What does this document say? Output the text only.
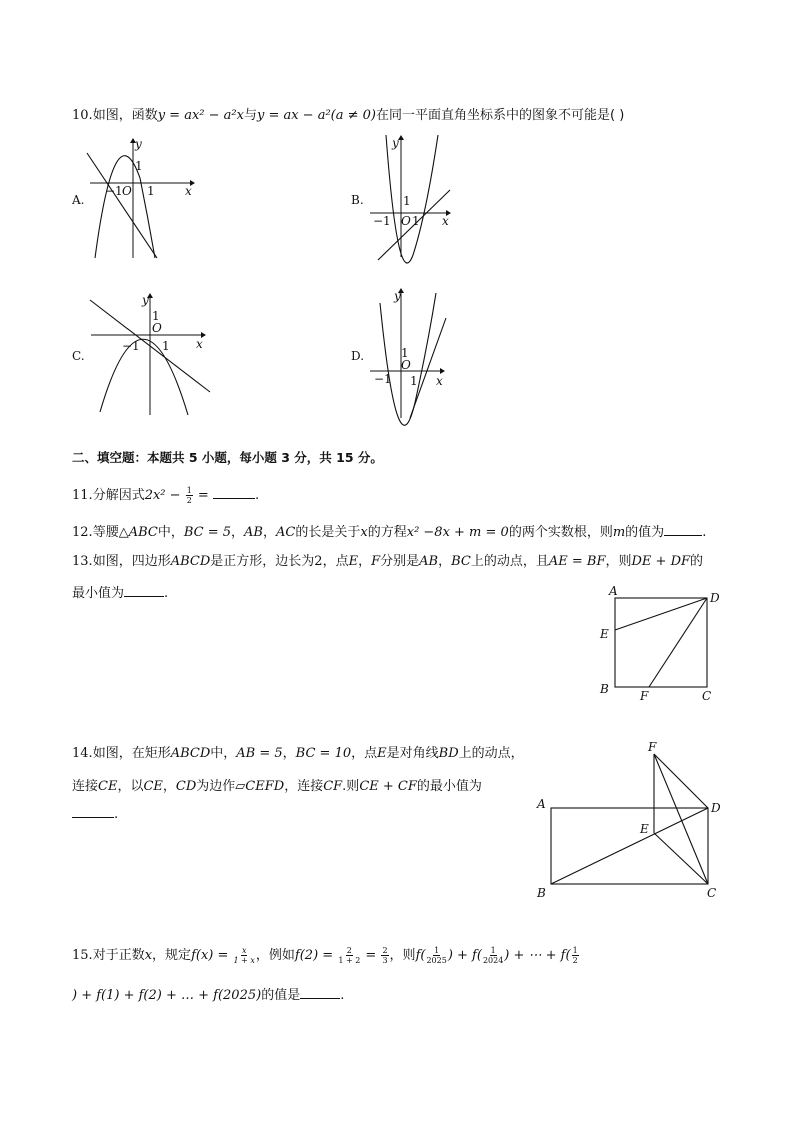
10.如图，函数y = ax² − a²x与y = ax − a²(a ≠ 0)在同一平面直角坐标系中的图象不可能是( )
A.
y
x
1
−1 O 1
B.
y
x
1
−1 O 1
C.
y
x
1
O
−1 1
D.
y
x
1
O
−1 1
二、填空题：本题共 5 小题，每小题 3 分，共 15 分。
11.分解因式$2x^2 - \frac{1}{2}$ =	.
12.等腰△ABC中，BC = 5，AB，AC的长是关于x的方程x² −8x + m = 0的两个实数根，则m的值为	.
13.如图，四边形ABCD是正方形，边长为2，点E，F分别是AB，BC上的动点，且AE = BF，则DE + DF的
最小值为	.	A	D
E
B	F	C
14.如图，在矩形ABCD中，AB = 5，BC = 10，点E是对角线BD上的动点，
连接CE，以CE，CD为边作▱CEFD，连接CF.则CE + CF的最小值为
.
F
A	D
E
B	C
15.对于正数x，规定$f(x) = \frac{x}{1 + x}$ ，例如$f(2) = \frac{2}{1 + 2} = \frac{2}{3}$ ，则$f( \frac{1}{2025}$ ) + $f( \frac{1}{2024}$ ) + ⋯ + $f( \frac{1}{2}$
) + f(1) + f(2) + … + f(2025)的值是	.
